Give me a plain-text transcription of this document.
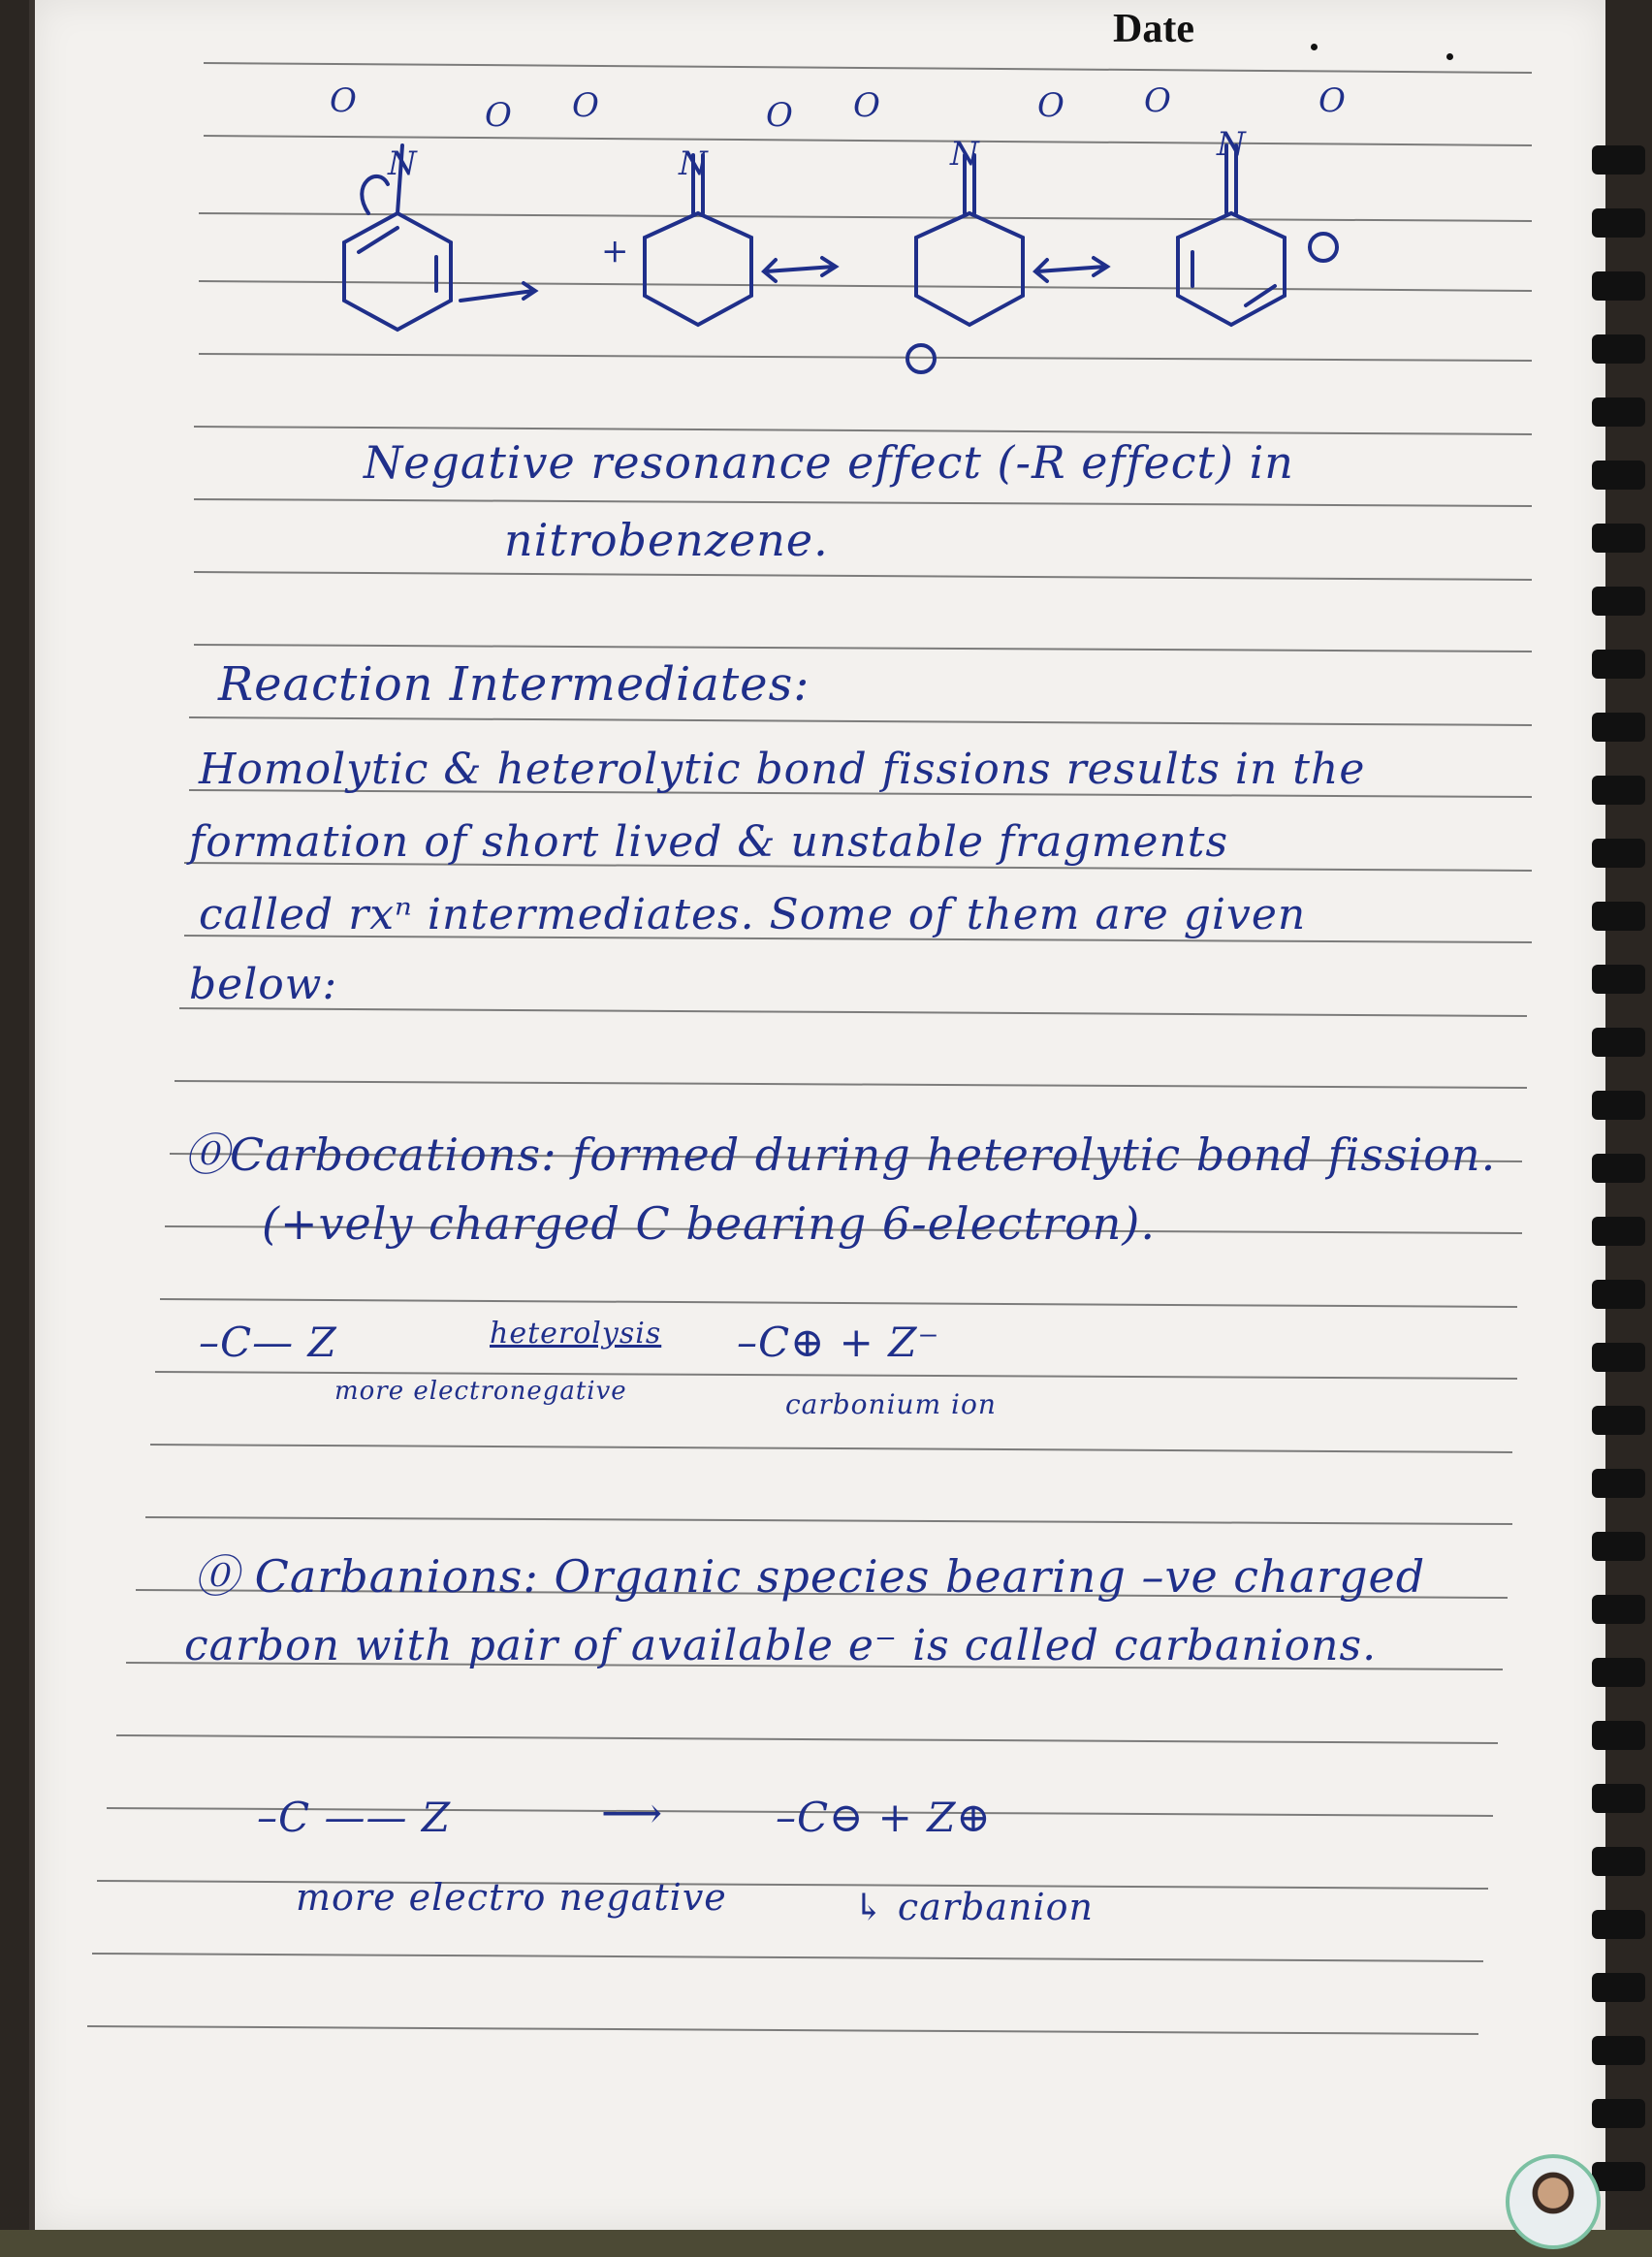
Date
N	N	N	N
O	O O	O O	O O	O
+
Negative resonance effect (-R effect) in
nitrobenzene.
Reaction Intermediates:
Homolytic & heterolytic bond fissions results in the
formation of short lived & unstable fragments
called rxⁿ intermediates. Some of them are given
below:
⓪Carbocations: formed during heterolytic bond fission.
(+vely charged C bearing 6-electron).
–C— Z	heterolysis –C⊕ + Z⁻
more electronegative	carbonium ion
⓪ Carbanions: Organic species bearing –ve charged
carbon with pair of available e⁻ is called carbanions.
–C —— Z	⟶	–C⊖ + Z⊕
more electro negative	↳ carbanion
